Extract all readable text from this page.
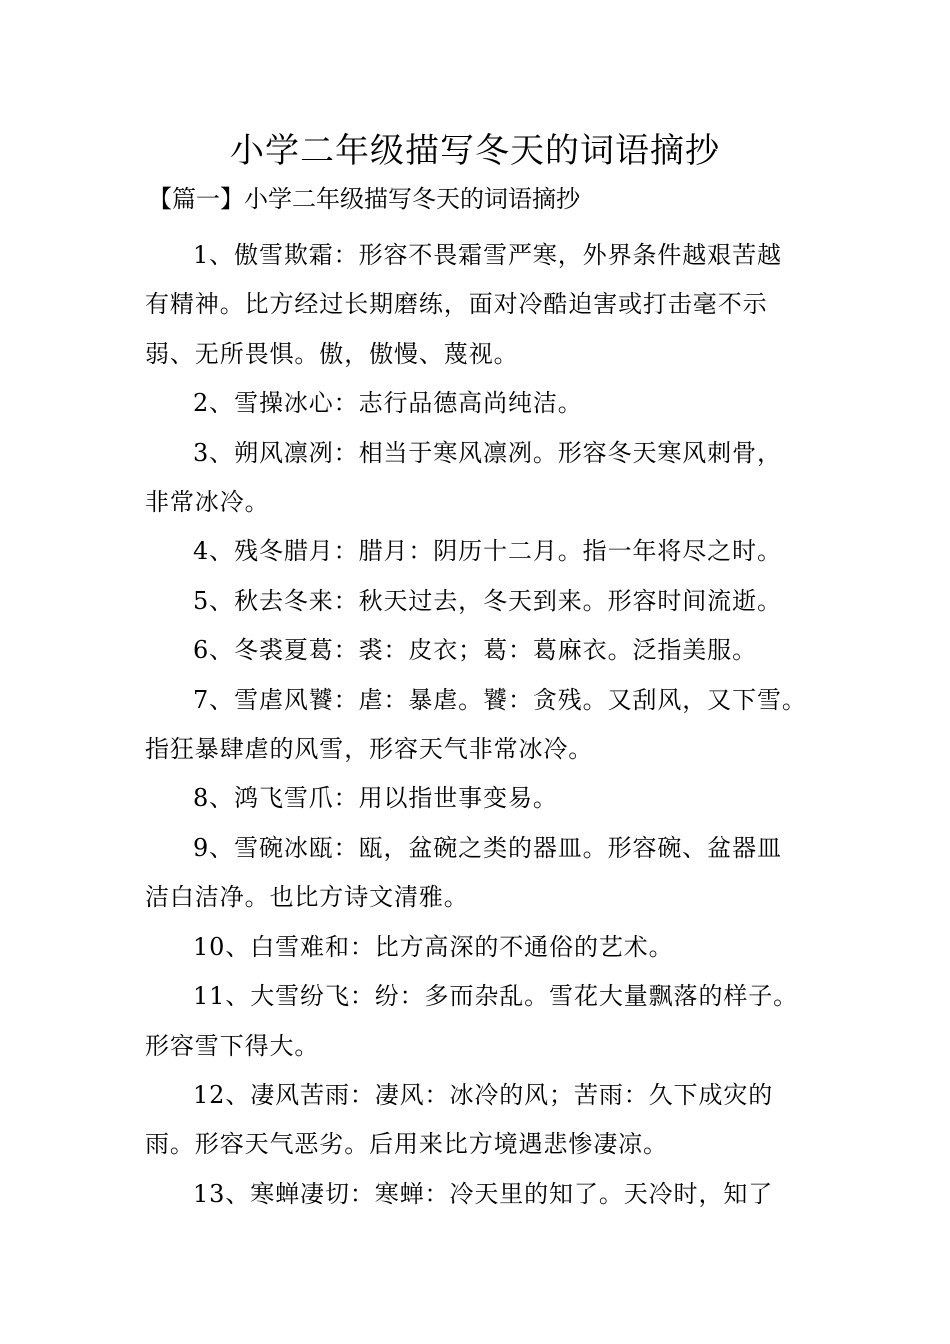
小学二年级描写冬天的词语摘抄
【篇一】小学二年级描写冬天的词语摘抄

1、傲雪欺霜：形容不畏霜雪严寒，外界条件越艰苦越
有精神。比方经过长期磨练，面对冷酷迫害或打击毫不示
弱、无所畏惧。傲，傲慢、蔑视。

2、雪操冰心：志行品德高尚纯洁。

3、朔风凛冽：相当于寒风凛冽。形容冬天寒风刺骨，
非常冰冷。

4、残冬腊月：腊月：阴历十二月。指一年将尽之时。

5、秋去冬来：秋天过去，冬天到来。形容时间流逝。

6、冬裘夏葛：裘：皮衣；葛：葛麻衣。泛指美服。

7、雪虐风饕：虐：暴虐。饕：贪残。又刮风，又下雪。
指狂暴肆虐的风雪，形容天气非常冰冷。

8、鸿飞雪爪：用以指世事变易。

9、雪碗冰瓯：瓯，盆碗之类的器皿。形容碗、盆器皿
洁白洁净。也比方诗文清雅。

10、白雪难和：比方高深的不通俗的艺术。

11、大雪纷飞：纷：多而杂乱。雪花大量飘落的样子。
形容雪下得大。

12、凄风苦雨：凄风：冰冷的风；苦雨：久下成灾的
雨。形容天气恶劣。后用来比方境遇悲惨凄凉。

13、寒蝉凄切：寒蝉：冷天里的知了。天冷时，知了
